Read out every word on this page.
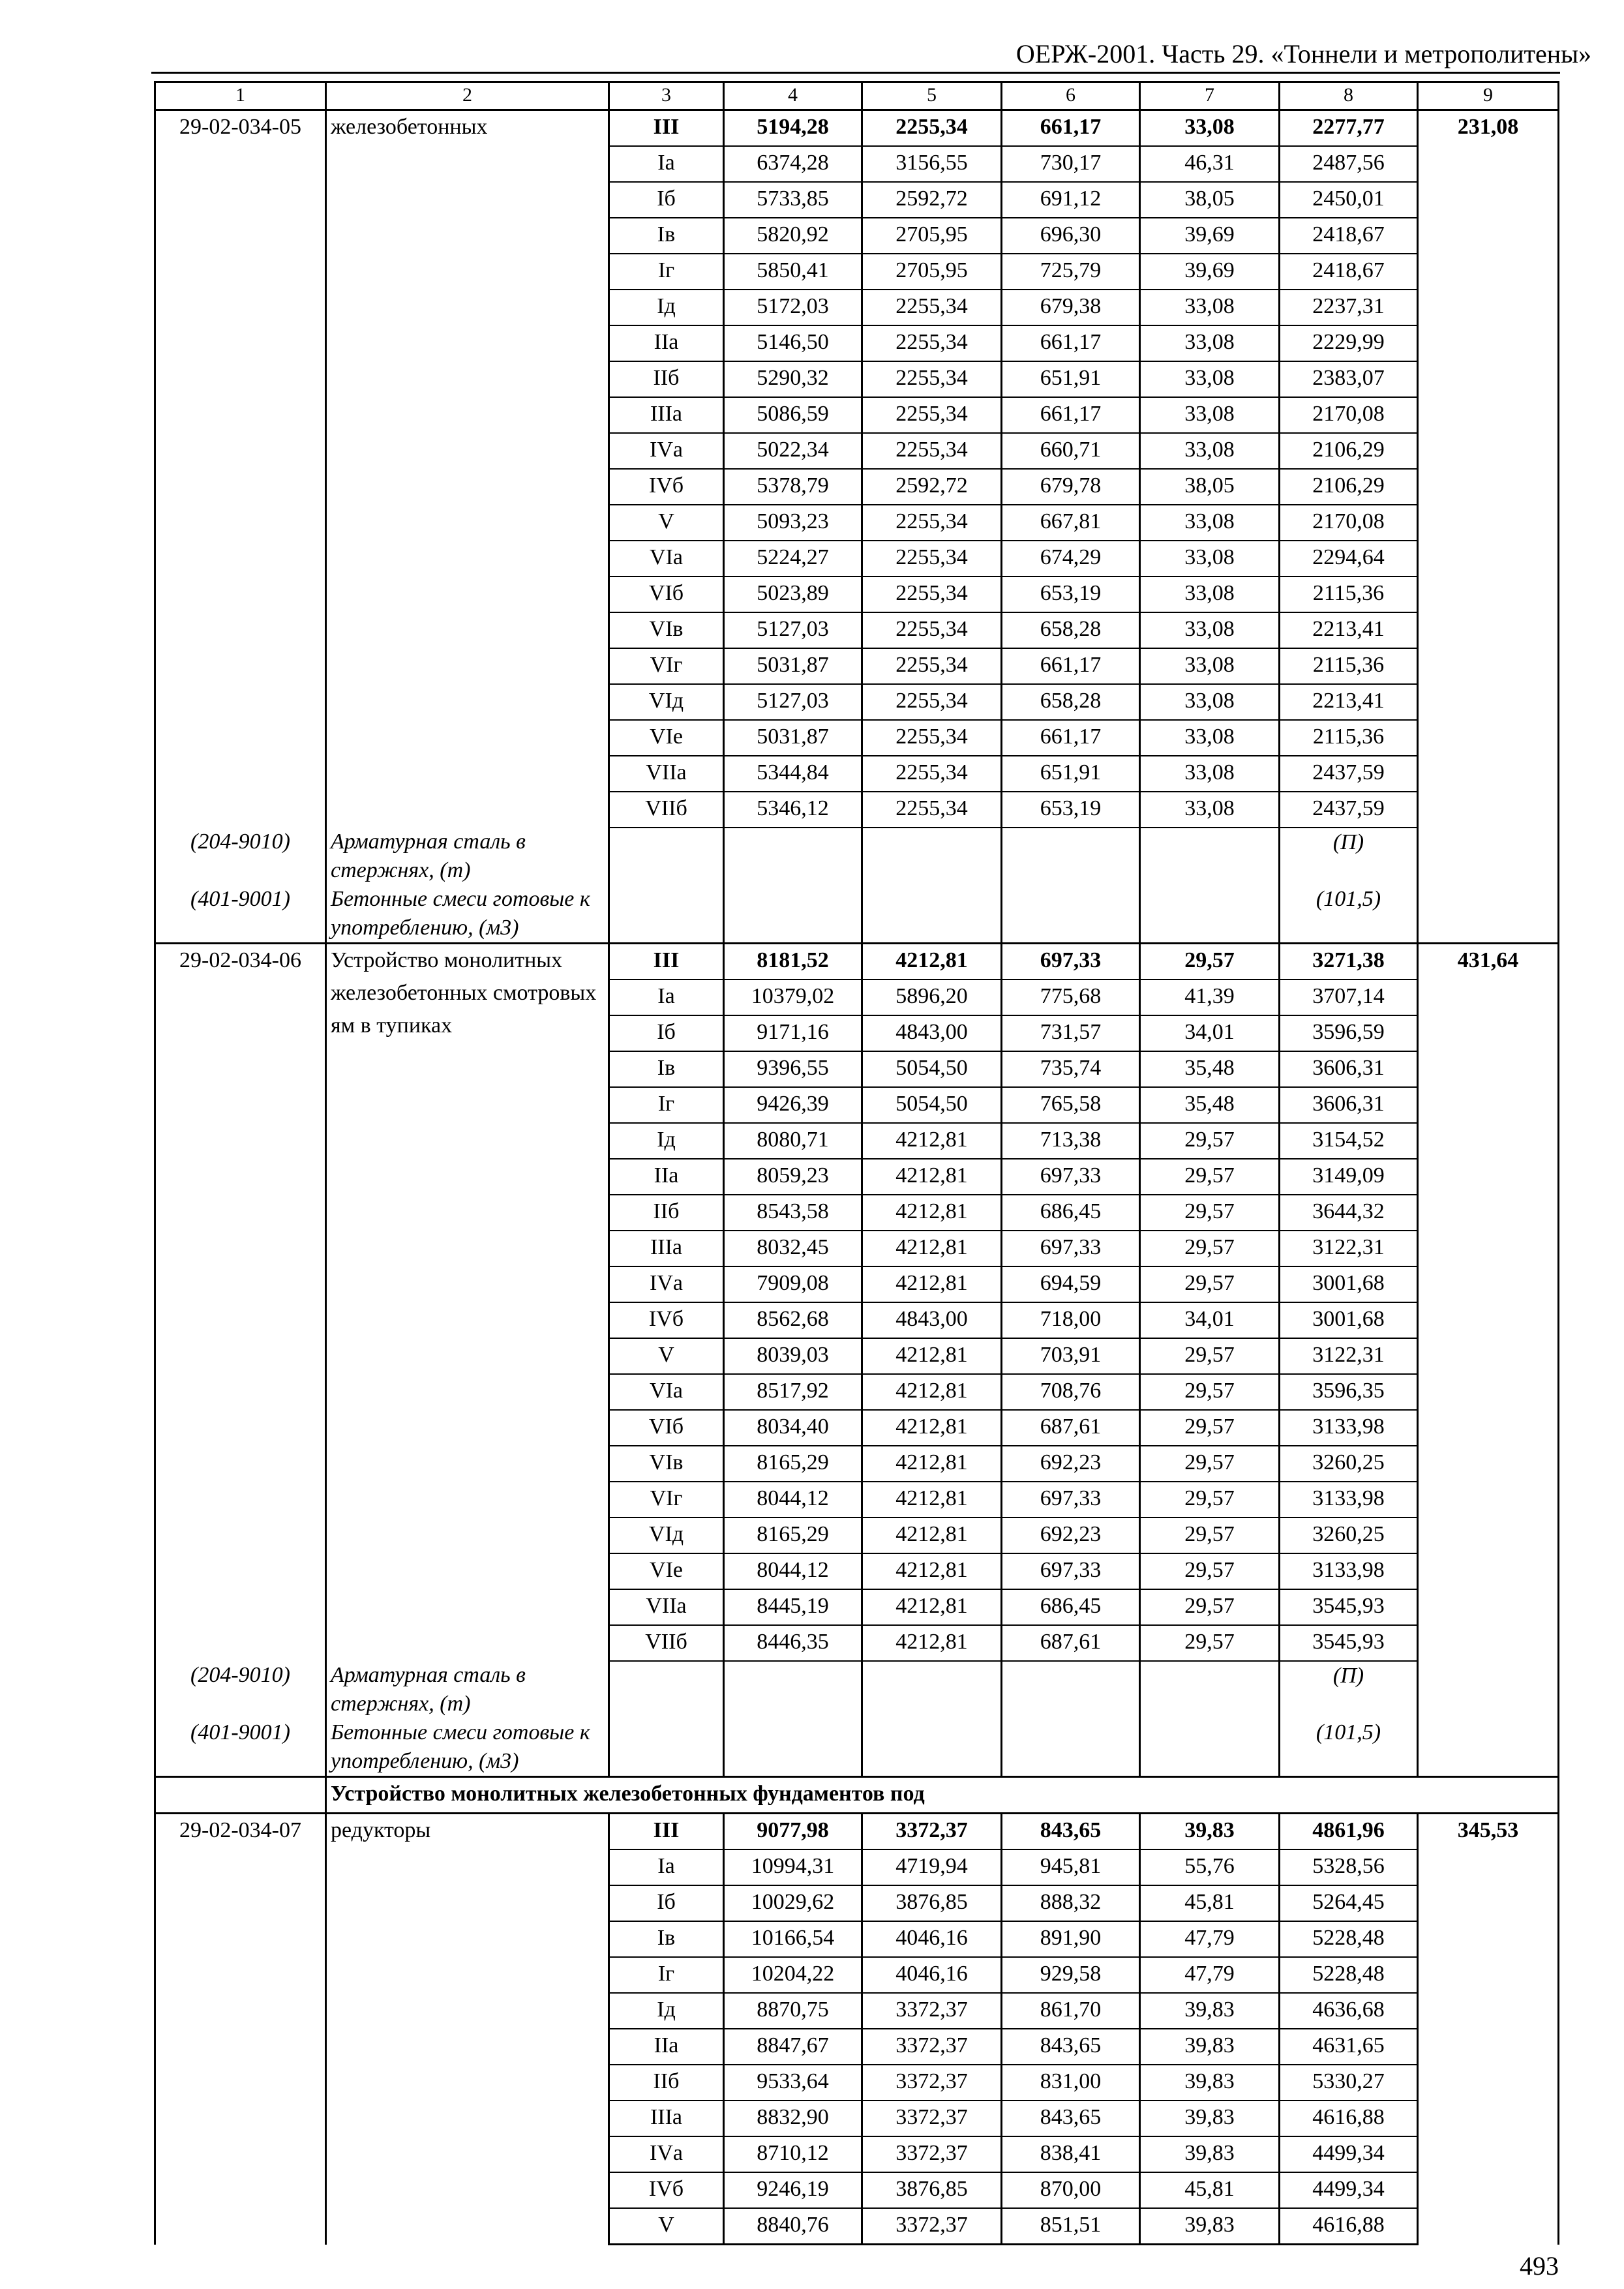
ОЕРЖ-2001. Часть 29. «Тоннели и метрополитены»
1	2	3	4	5	6	7	8	9
29-02-034-05	железобетонных	III	5194,28	2255,34	661,17	33,08	2277,77	231,08
		Iа	6374,28	3156,55	730,17	46,31	2487,56	
		Iб	5733,85	2592,72	691,12	38,05	2450,01	
		Iв	5820,92	2705,95	696,30	39,69	2418,67	
		Iг	5850,41	2705,95	725,79	39,69	2418,67	
		Iд	5172,03	2255,34	679,38	33,08	2237,31	
		IIа	5146,50	2255,34	661,17	33,08	2229,99	
		IIб	5290,32	2255,34	651,91	33,08	2383,07	
		IIIа	5086,59	2255,34	661,17	33,08	2170,08	
		IVа	5022,34	2255,34	660,71	33,08	2106,29	
		IVб	5378,79	2592,72	679,78	38,05	2106,29	
		V	5093,23	2255,34	667,81	33,08	2170,08	
		VIа	5224,27	2255,34	674,29	33,08	2294,64	
		VIб	5023,89	2255,34	653,19	33,08	2115,36	
		VIв	5127,03	2255,34	658,28	33,08	2213,41	
		VIг	5031,87	2255,34	661,17	33,08	2115,36	
		VIд	5127,03	2255,34	658,28	33,08	2213,41	
		VIе	5031,87	2255,34	661,17	33,08	2115,36	
		VIIа	5344,84	2255,34	651,91	33,08	2437,59	
		VIIб	5346,12	2255,34	653,19	33,08	2437,59	
(204-9010)	Арматурная сталь в стержнях, (т)						(П)	
(401-9001)	Бетонные смеси готовые к употреблению, (м3)						(101,5)	
29-02-034-06	Устройство монолитных железобетонных смотровых ям в тупиках	III	8181,52	4212,81	697,33	29,57	3271,38	431,64
		Iа	10379,02	5896,20	775,68	41,39	3707,14	
		Iб	9171,16	4843,00	731,57	34,01	3596,59	
		Iв	9396,55	5054,50	735,74	35,48	3606,31	
		Iг	9426,39	5054,50	765,58	35,48	3606,31	
		Iд	8080,71	4212,81	713,38	29,57	3154,52	
		IIа	8059,23	4212,81	697,33	29,57	3149,09	
		IIб	8543,58	4212,81	686,45	29,57	3644,32	
		IIIа	8032,45	4212,81	697,33	29,57	3122,31	
		IVа	7909,08	4212,81	694,59	29,57	3001,68	
		IVб	8562,68	4843,00	718,00	34,01	3001,68	
		V	8039,03	4212,81	703,91	29,57	3122,31	
		VIа	8517,92	4212,81	708,76	29,57	3596,35	
		VIб	8034,40	4212,81	687,61	29,57	3133,98	
		VIв	8165,29	4212,81	692,23	29,57	3260,25	
		VIг	8044,12	4212,81	697,33	29,57	3133,98	
		VIд	8165,29	4212,81	692,23	29,57	3260,25	
		VIе	8044,12	4212,81	697,33	29,57	3133,98	
		VIIа	8445,19	4212,81	686,45	29,57	3545,93	
		VIIб	8446,35	4212,81	687,61	29,57	3545,93	
(204-9010)	Арматурная сталь в стержнях, (т)						(П)	
(401-9001)	Бетонные смеси готовые к употреблению, (м3)						(101,5)	
	Устройство монолитных железобетонных фундаментов под							
29-02-034-07	редукторы	III	9077,98	3372,37	843,65	39,83	4861,96	345,53
		Iа	10994,31	4719,94	945,81	55,76	5328,56	
		Iб	10029,62	3876,85	888,32	45,81	5264,45	
		Iв	10166,54	4046,16	891,90	47,79	5228,48	
		Iг	10204,22	4046,16	929,58	47,79	5228,48	
		Iд	8870,75	3372,37	861,70	39,83	4636,68	
		IIа	8847,67	3372,37	843,65	39,83	4631,65	
		IIб	9533,64	3372,37	831,00	39,83	5330,27	
		IIIа	8832,90	3372,37	843,65	39,83	4616,88	
		IVа	8710,12	3372,37	838,41	39,83	4499,34	
		IVб	9246,19	3876,85	870,00	45,81	4499,34	
		V	8840,76	3372,37	851,51	39,83	4616,88	
493
